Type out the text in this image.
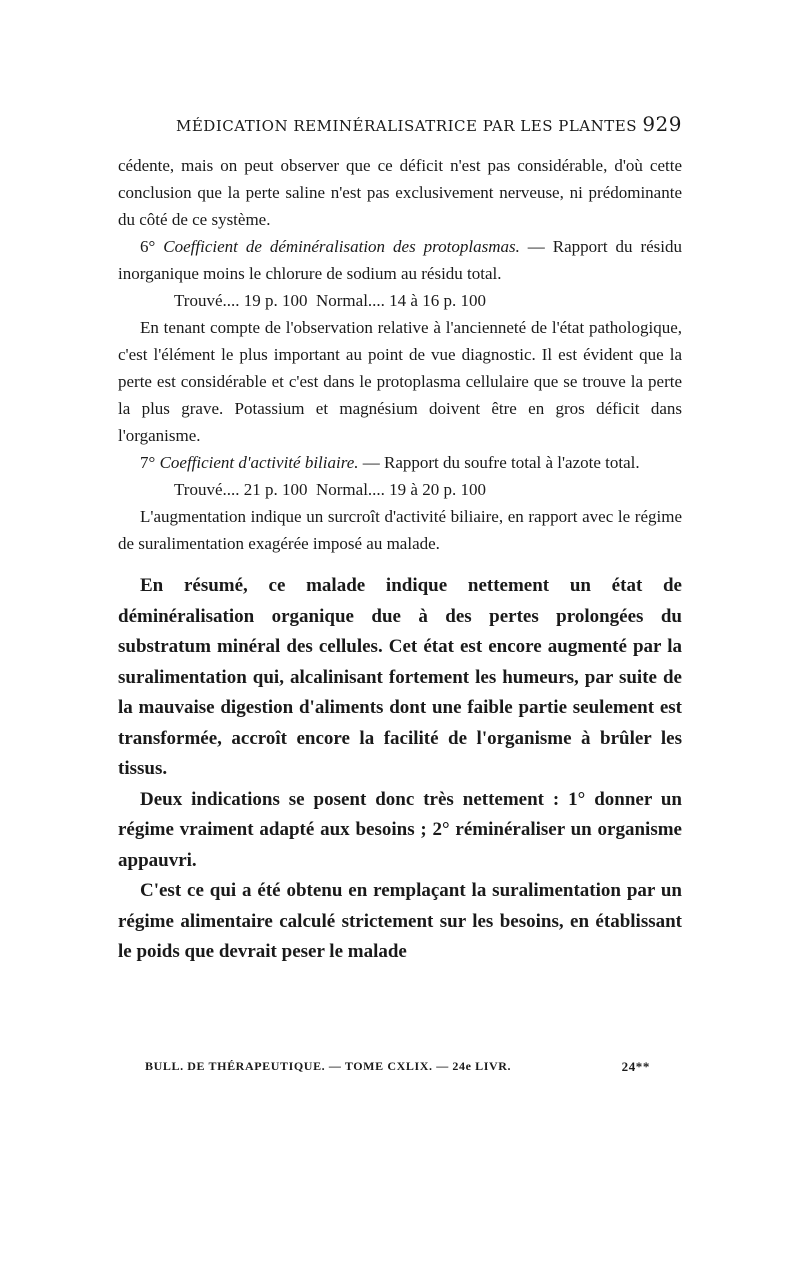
MÉDICATION REMINÉRALISATRICE PAR LES PLANTES 929

cédente, mais on peut observer que ce déficit n'est pas considérable, d'où cette conclusion que la perte saline n'est pas exclusivement nerveuse, ni prédominante du côté de ce système.

6° Coefficient de déminéralisation des protoplasmas. — Rapport du résidu inorganique moins le chlorure de sodium au résidu total.

Trouvé.... 19 p. 100  Normal.... 14 à 16 p. 100

En tenant compte de l'observation relative à l'ancienneté de l'état pathologique, c'est l'élément le plus important au point de vue diagnostic. Il est évident que la perte est considérable et c'est dans le protoplasma cellulaire que se trouve la perte la plus grave. Potassium et magnésium doivent être en gros déficit dans l'organisme.

7° Coefficient d'activité biliaire. — Rapport du soufre total à l'azote total.

Trouvé.... 21 p. 100  Normal.... 19 à 20 p. 100

L'augmentation indique un surcroît d'activité biliaire, en rapport avec le régime de suralimentation exagérée imposé au malade.

En résumé, ce malade indique nettement un état de déminéralisation organique due à des pertes prolongées du substratum minéral des cellules. Cet état est encore augmenté par la suralimentation qui, alcalinisant fortement les humeurs, par suite de la mauvaise digestion d'aliments dont une faible partie seulement est transformée, accroît encore la facilité de l'organisme à brûler les tissus.

Deux indications se posent donc très nettement : 1° donner un régime vraiment adapté aux besoins ; 2° réminéraliser un organisme appauvri.

C'est ce qui a été obtenu en remplaçant la suralimentation par un régime alimentaire calculé strictement sur les besoins, en établissant le poids que devrait peser le malade

BULL. DE THÉRAPEUTIQUE. — TOME CXLIX. — 24e LIVR.	24**
